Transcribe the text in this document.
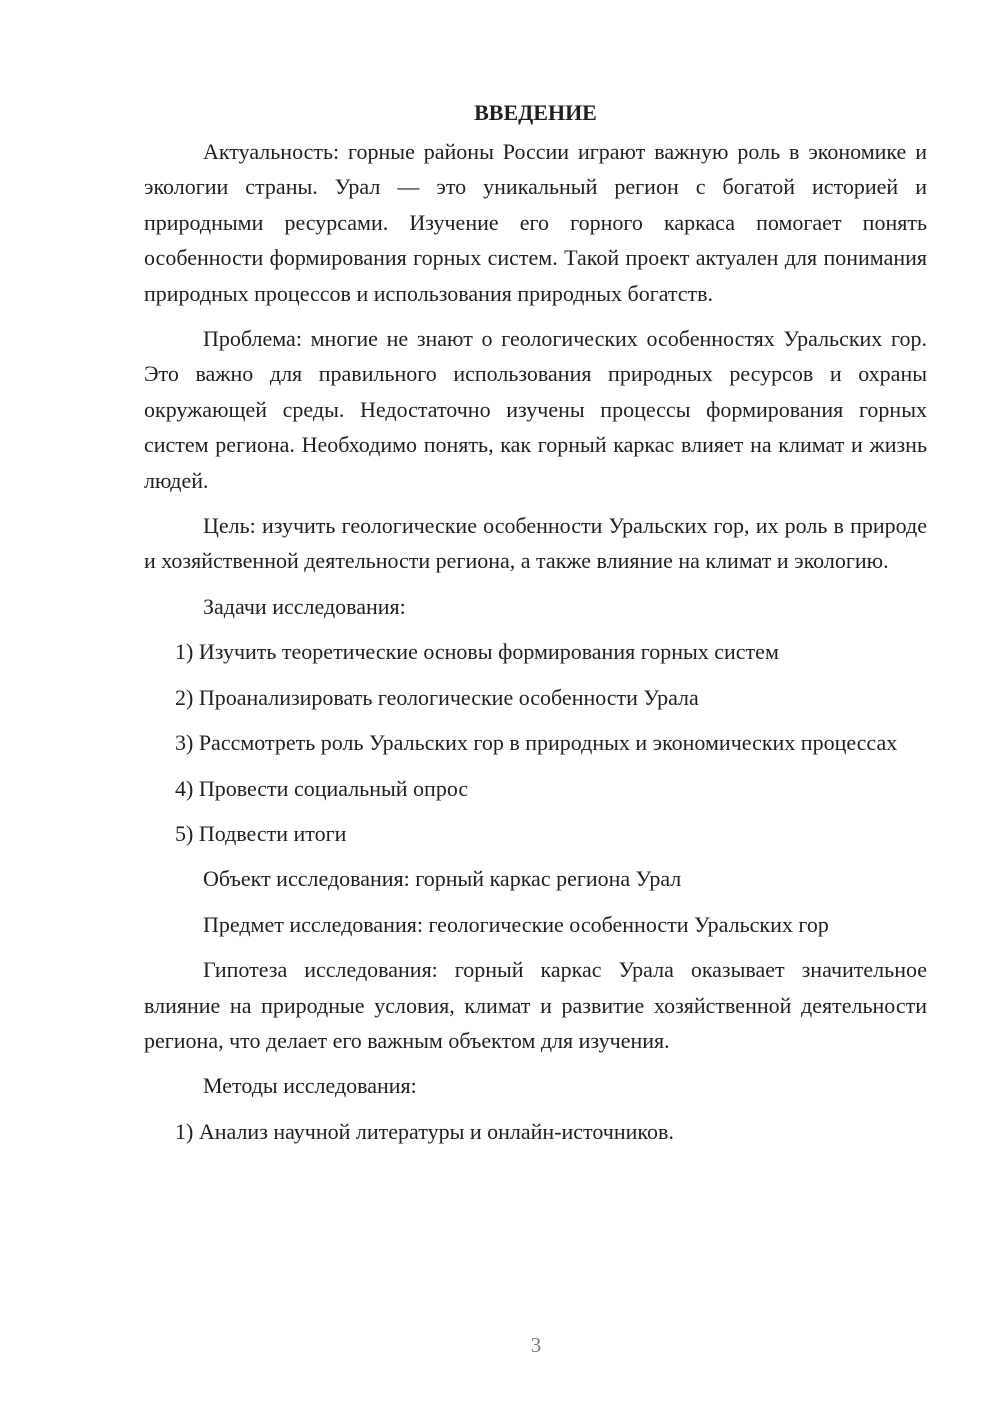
ВВЕДЕНИЕ

Актуальность: горные районы России играют важную роль в экономике и экологии страны. Урал — это уникальный регион с богатой историей и природными ресурсами. Изучение его горного каркаса помогает понять особенности формирования горных систем. Такой проект актуален для понимания природных процессов и использования природных богатств.

Проблема: многие не знают о геологических особенностях Уральских гор. Это важно для правильного использования природных ресурсов и охраны окружающей среды. Недостаточно изучены процессы формирования горных систем региона. Необходимо понять, как горный каркас влияет на климат и жизнь людей.

Цель: изучить геологические особенности Уральских гор, их роль в природе и хозяйственной деятельности региона, а также влияние на климат и экологию.

Задачи исследования:

1) Изучить теоретические основы формирования горных систем

2) Проанализировать геологические особенности Урала

3) Рассмотреть роль Уральских гор в природных и экономических процессах

4) Провести социальный опрос

5) Подвести итоги

Объект исследования: горный каркас региона Урал

Предмет исследования: геологические особенности Уральских гор

Гипотеза исследования: горный каркас Урала оказывает значительное влияние на природные условия, климат и развитие хозяйственной деятельности региона, что делает его важным объектом для изучения.

Методы исследования:

1) Анализ научной литературы и онлайн-источников.

3
